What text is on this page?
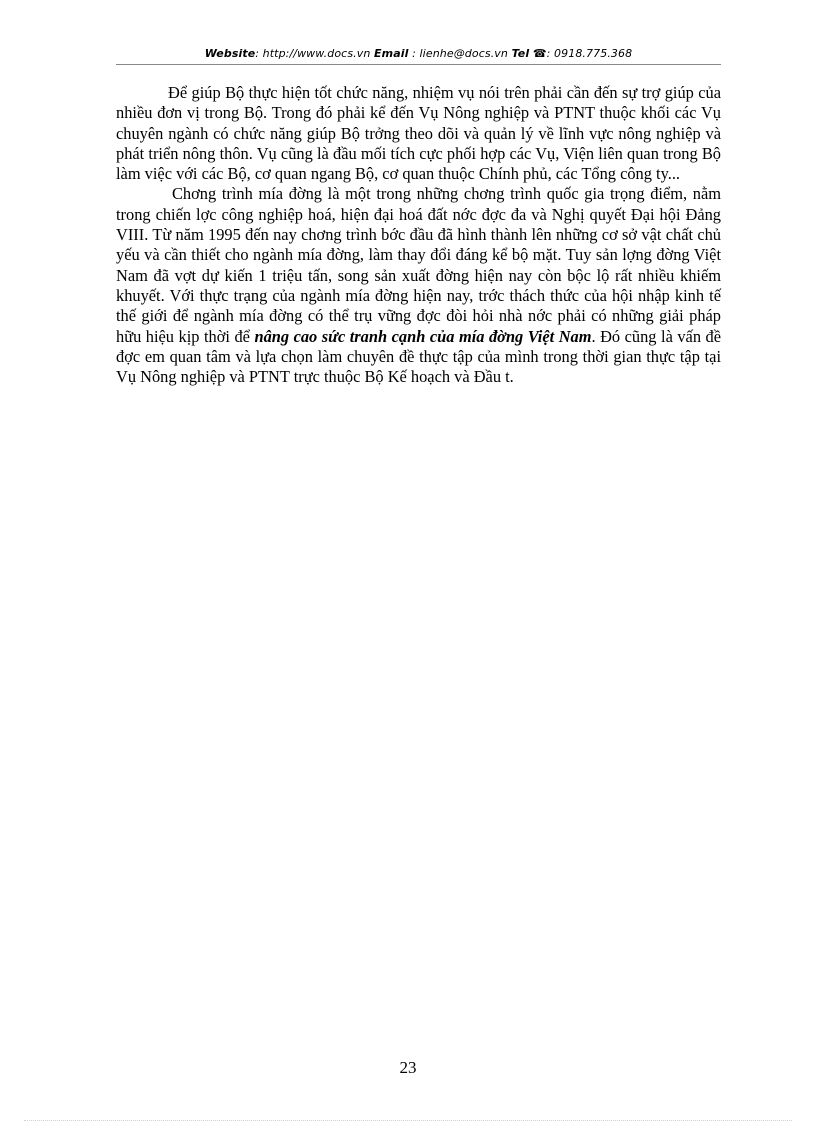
Website: http://www.docs.vn Email : lienhe@docs.vn Tel ☎: 0918.775.368

Để giúp Bộ thực hiện tốt chức năng, nhiệm vụ nói trên phải cần đến sự trợ giúp của nhiều đơn vị trong Bộ. Trong đó phải kể đến Vụ Nông nghiệp và PTNT thuộc khối các Vụ chuyên ngành có chức năng giúp Bộ trởng theo dõi và quản lý về lĩnh vực nông nghiệp và phát triển nông thôn. Vụ cũng là đầu mối tích cực phối hợp các Vụ, Viện liên quan trong Bộ làm việc với các Bộ, cơ quan ngang Bộ, cơ quan thuộc Chính phủ, các Tổng công ty...

Chơng trình mía đờng là một trong những chơng trình quốc gia trọng điểm, nằm trong chiến lợc công nghiệp hoá, hiện đại hoá đất nớc đợc đa và Nghị quyết Đại hội Đảng VIII. Từ năm 1995 đến nay chơng trình bớc đầu đã hình thành lên những cơ sở vật chất chủ yếu và cần thiết cho ngành mía đờng, làm thay đổi đáng kể bộ mặt. Tuy sản lợng đờng Việt Nam đã vợt dự kiến 1 triệu tấn, song sản xuất đờng hiện nay còn bộc lộ rất nhiều khiếm khuyết. Với thực trạng của ngành mía đờng hiện nay, trớc thách thức của hội nhập kinh tế thế giới để ngành mía đờng có thể trụ vững đợc đòi hỏi nhà nớc phải có những giải pháp hữu hiệu kịp thời để nâng cao sức tranh cạnh của mía đờng Việt Nam. Đó cũng là vấn đề đợc em quan tâm và lựa chọn làm chuyên đề thực tập của mình trong thời gian thực tập tại Vụ Nông nghiệp và PTNT trực thuộc Bộ Kế hoạch và Đầu t.

23
